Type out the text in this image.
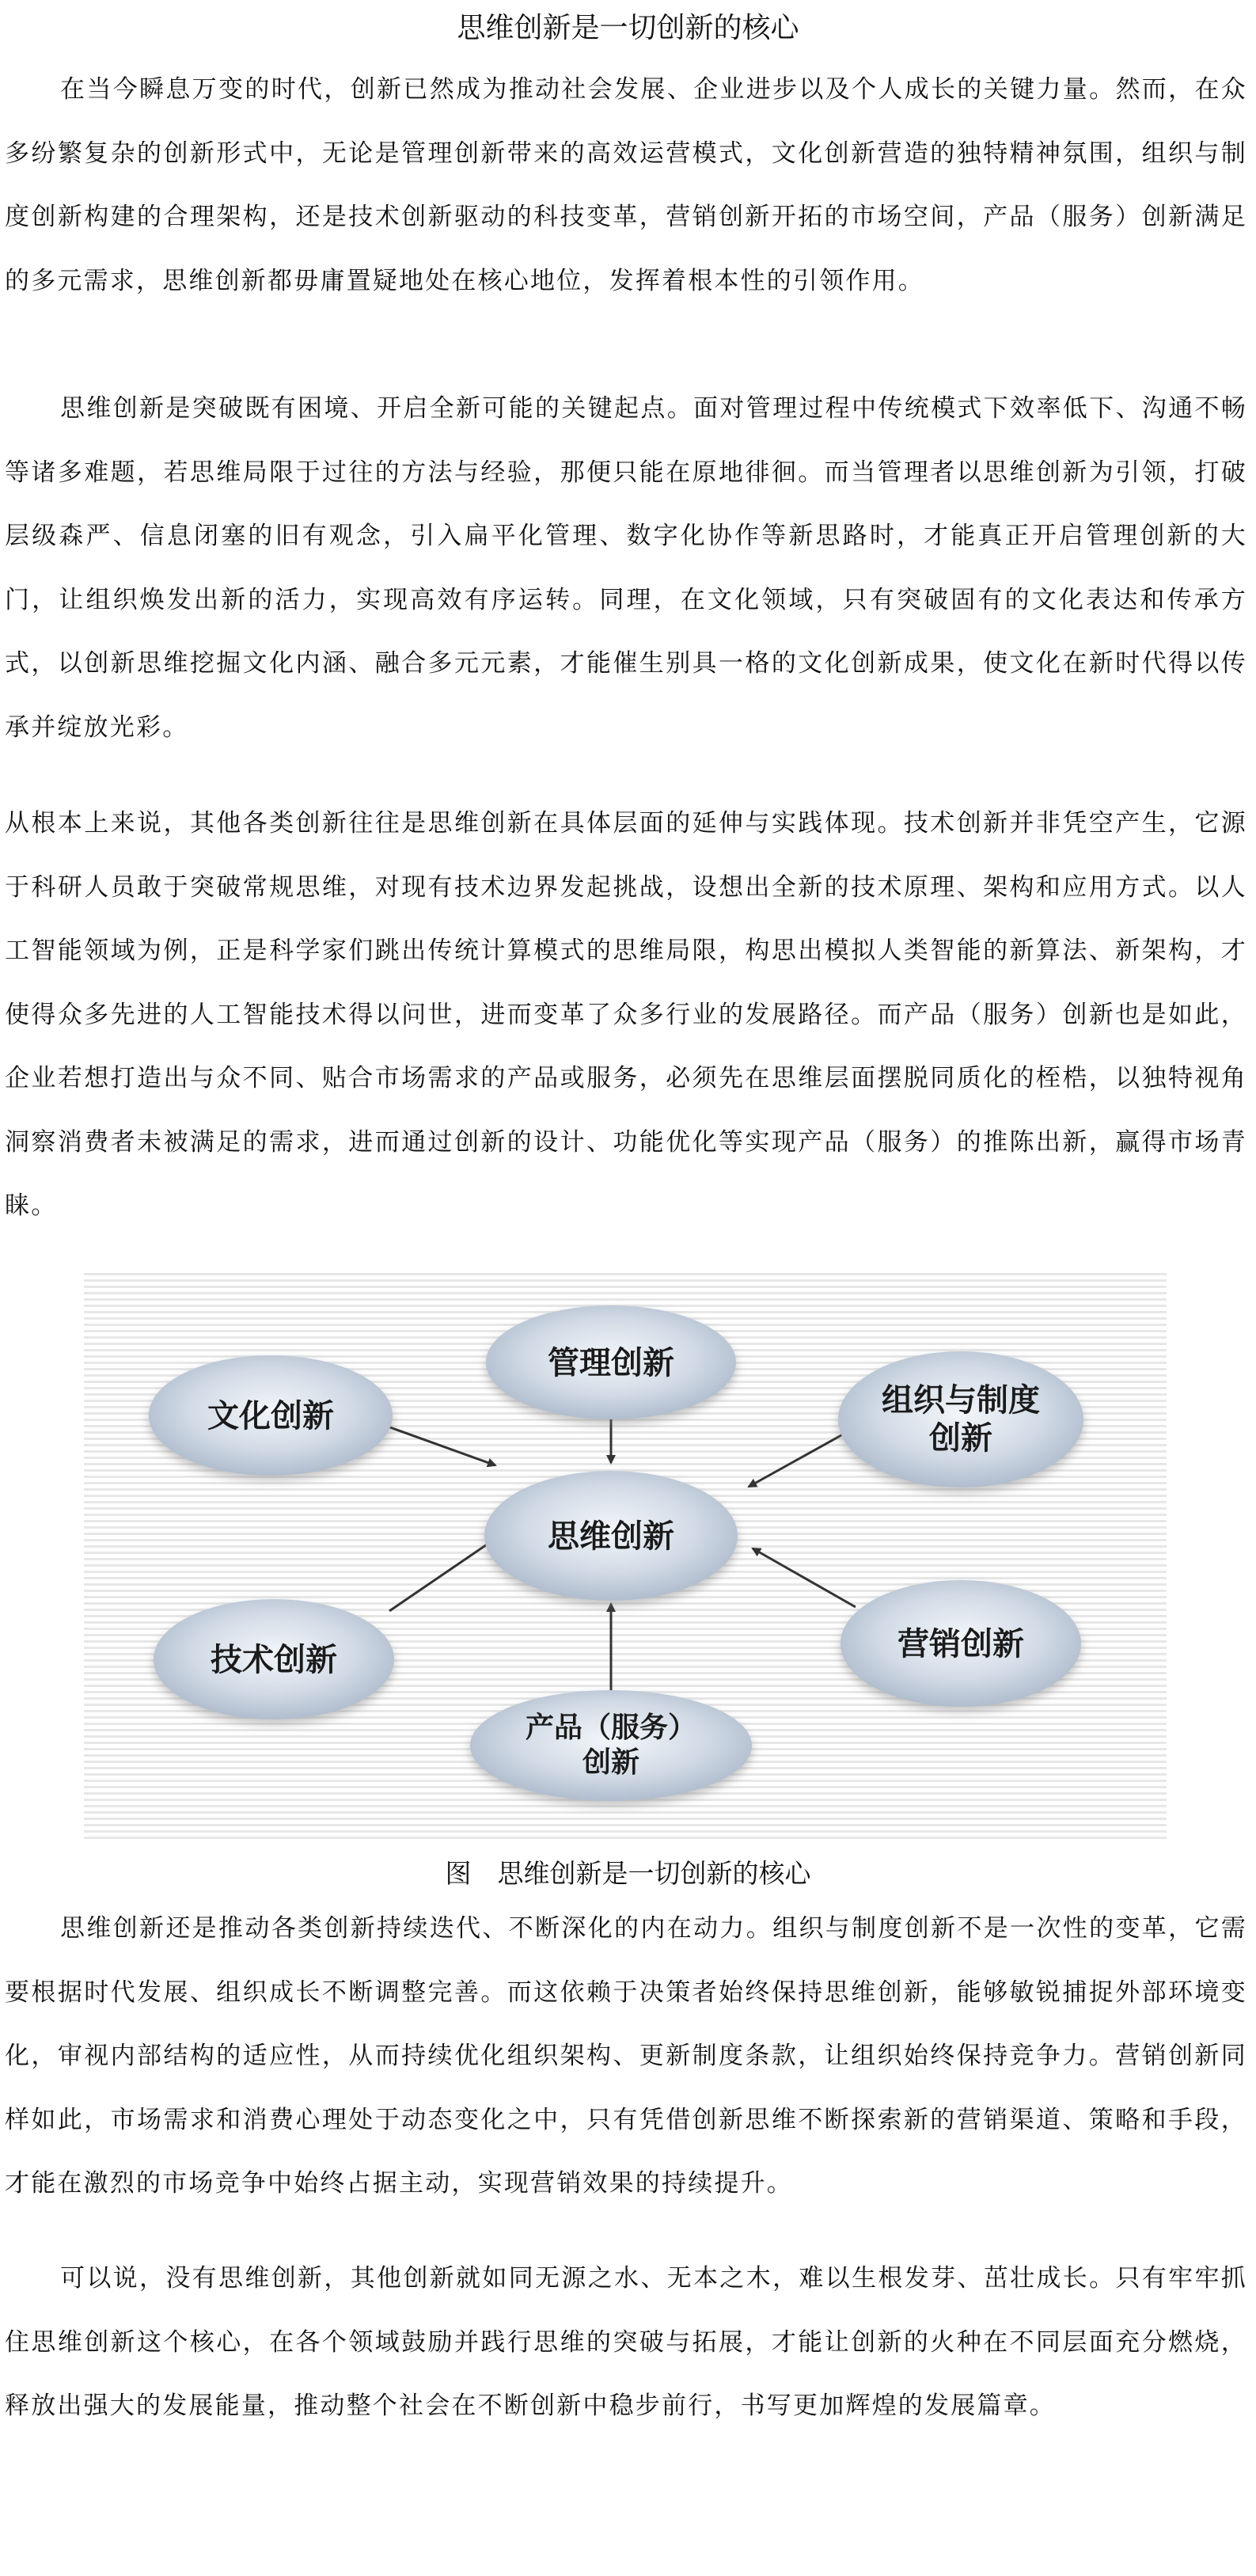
思维创新是一切创新的核心

在当今瞬息万变的时代，创新已然成为推动社会发展、企业进步以及个人成长的关键力量。然而，在众多纷繁复杂的创新形式中，无论是管理创新带来的高效运营模式，文化创新营造的独特精神氛围，组织与制度创新构建的合理架构，还是技术创新驱动的科技变革，营销创新开拓的市场空间，产品（服务）创新满足的多元需求，思维创新都毋庸置疑地处在核心地位，发挥着根本性的引领作用。

思维创新是突破既有困境、开启全新可能的关键起点。面对管理过程中传统模式下效率低下、沟通不畅等诸多难题，若思维局限于过往的方法与经验，那便只能在原地徘徊。而当管理者以思维创新为引领，打破层级森严、信息闭塞的旧有观念，引入扁平化管理、数字化协作等新思路时，才能真正开启管理创新的大门，让组织焕发出新的活力，实现高效有序运转。同理，在文化领域，只有突破固有的文化表达和传承方式，以创新思维挖掘文化内涵、融合多元元素，才能催生别具一格的文化创新成果，使文化在新时代得以传承并绽放光彩。

从根本上来说，其他各类创新往往是思维创新在具体层面的延伸与实践体现。技术创新并非凭空产生，它源于科研人员敢于突破常规思维，对现有技术边界发起挑战，设想出全新的技术原理、架构和应用方式。以人工智能领域为例，正是科学家们跳出传统计算模式的思维局限，构思出模拟人类智能的新算法、新架构，才使得众多先进的人工智能技术得以问世，进而变革了众多行业的发展路径。而产品（服务）创新也是如此，企业若想打造出与众不同、贴合市场需求的产品或服务，必须先在思维层面摆脱同质化的桎梏，以独特视角洞察消费者未被满足的需求，进而通过创新的设计、功能优化等实现产品（服务）的推陈出新，赢得市场青睐。

管理创新
文化创新	组织与制度
创新
思维创新
技术创新	营销创新
产品（服务）
创新

图　思维创新是一切创新的核心

思维创新还是推动各类创新持续迭代、不断深化的内在动力。组织与制度创新不是一次性的变革，它需要根据时代发展、组织成长不断调整完善。而这依赖于决策者始终保持思维创新，能够敏锐捕捉外部环境变化，审视内部结构的适应性，从而持续优化组织架构、更新制度条款，让组织始终保持竞争力。营销创新同样如此，市场需求和消费心理处于动态变化之中，只有凭借创新思维不断探索新的营销渠道、策略和手段，才能在激烈的市场竞争中始终占据主动，实现营销效果的持续提升。

可以说，没有思维创新，其他创新就如同无源之水、无本之木，难以生根发芽、茁壮成长。只有牢牢抓住思维创新这个核心，在各个领域鼓励并践行思维的突破与拓展，才能让创新的火种在不同层面充分燃烧，释放出强大的发展能量，推动整个社会在不断创新中稳步前行，书写更加辉煌的发展篇章。
